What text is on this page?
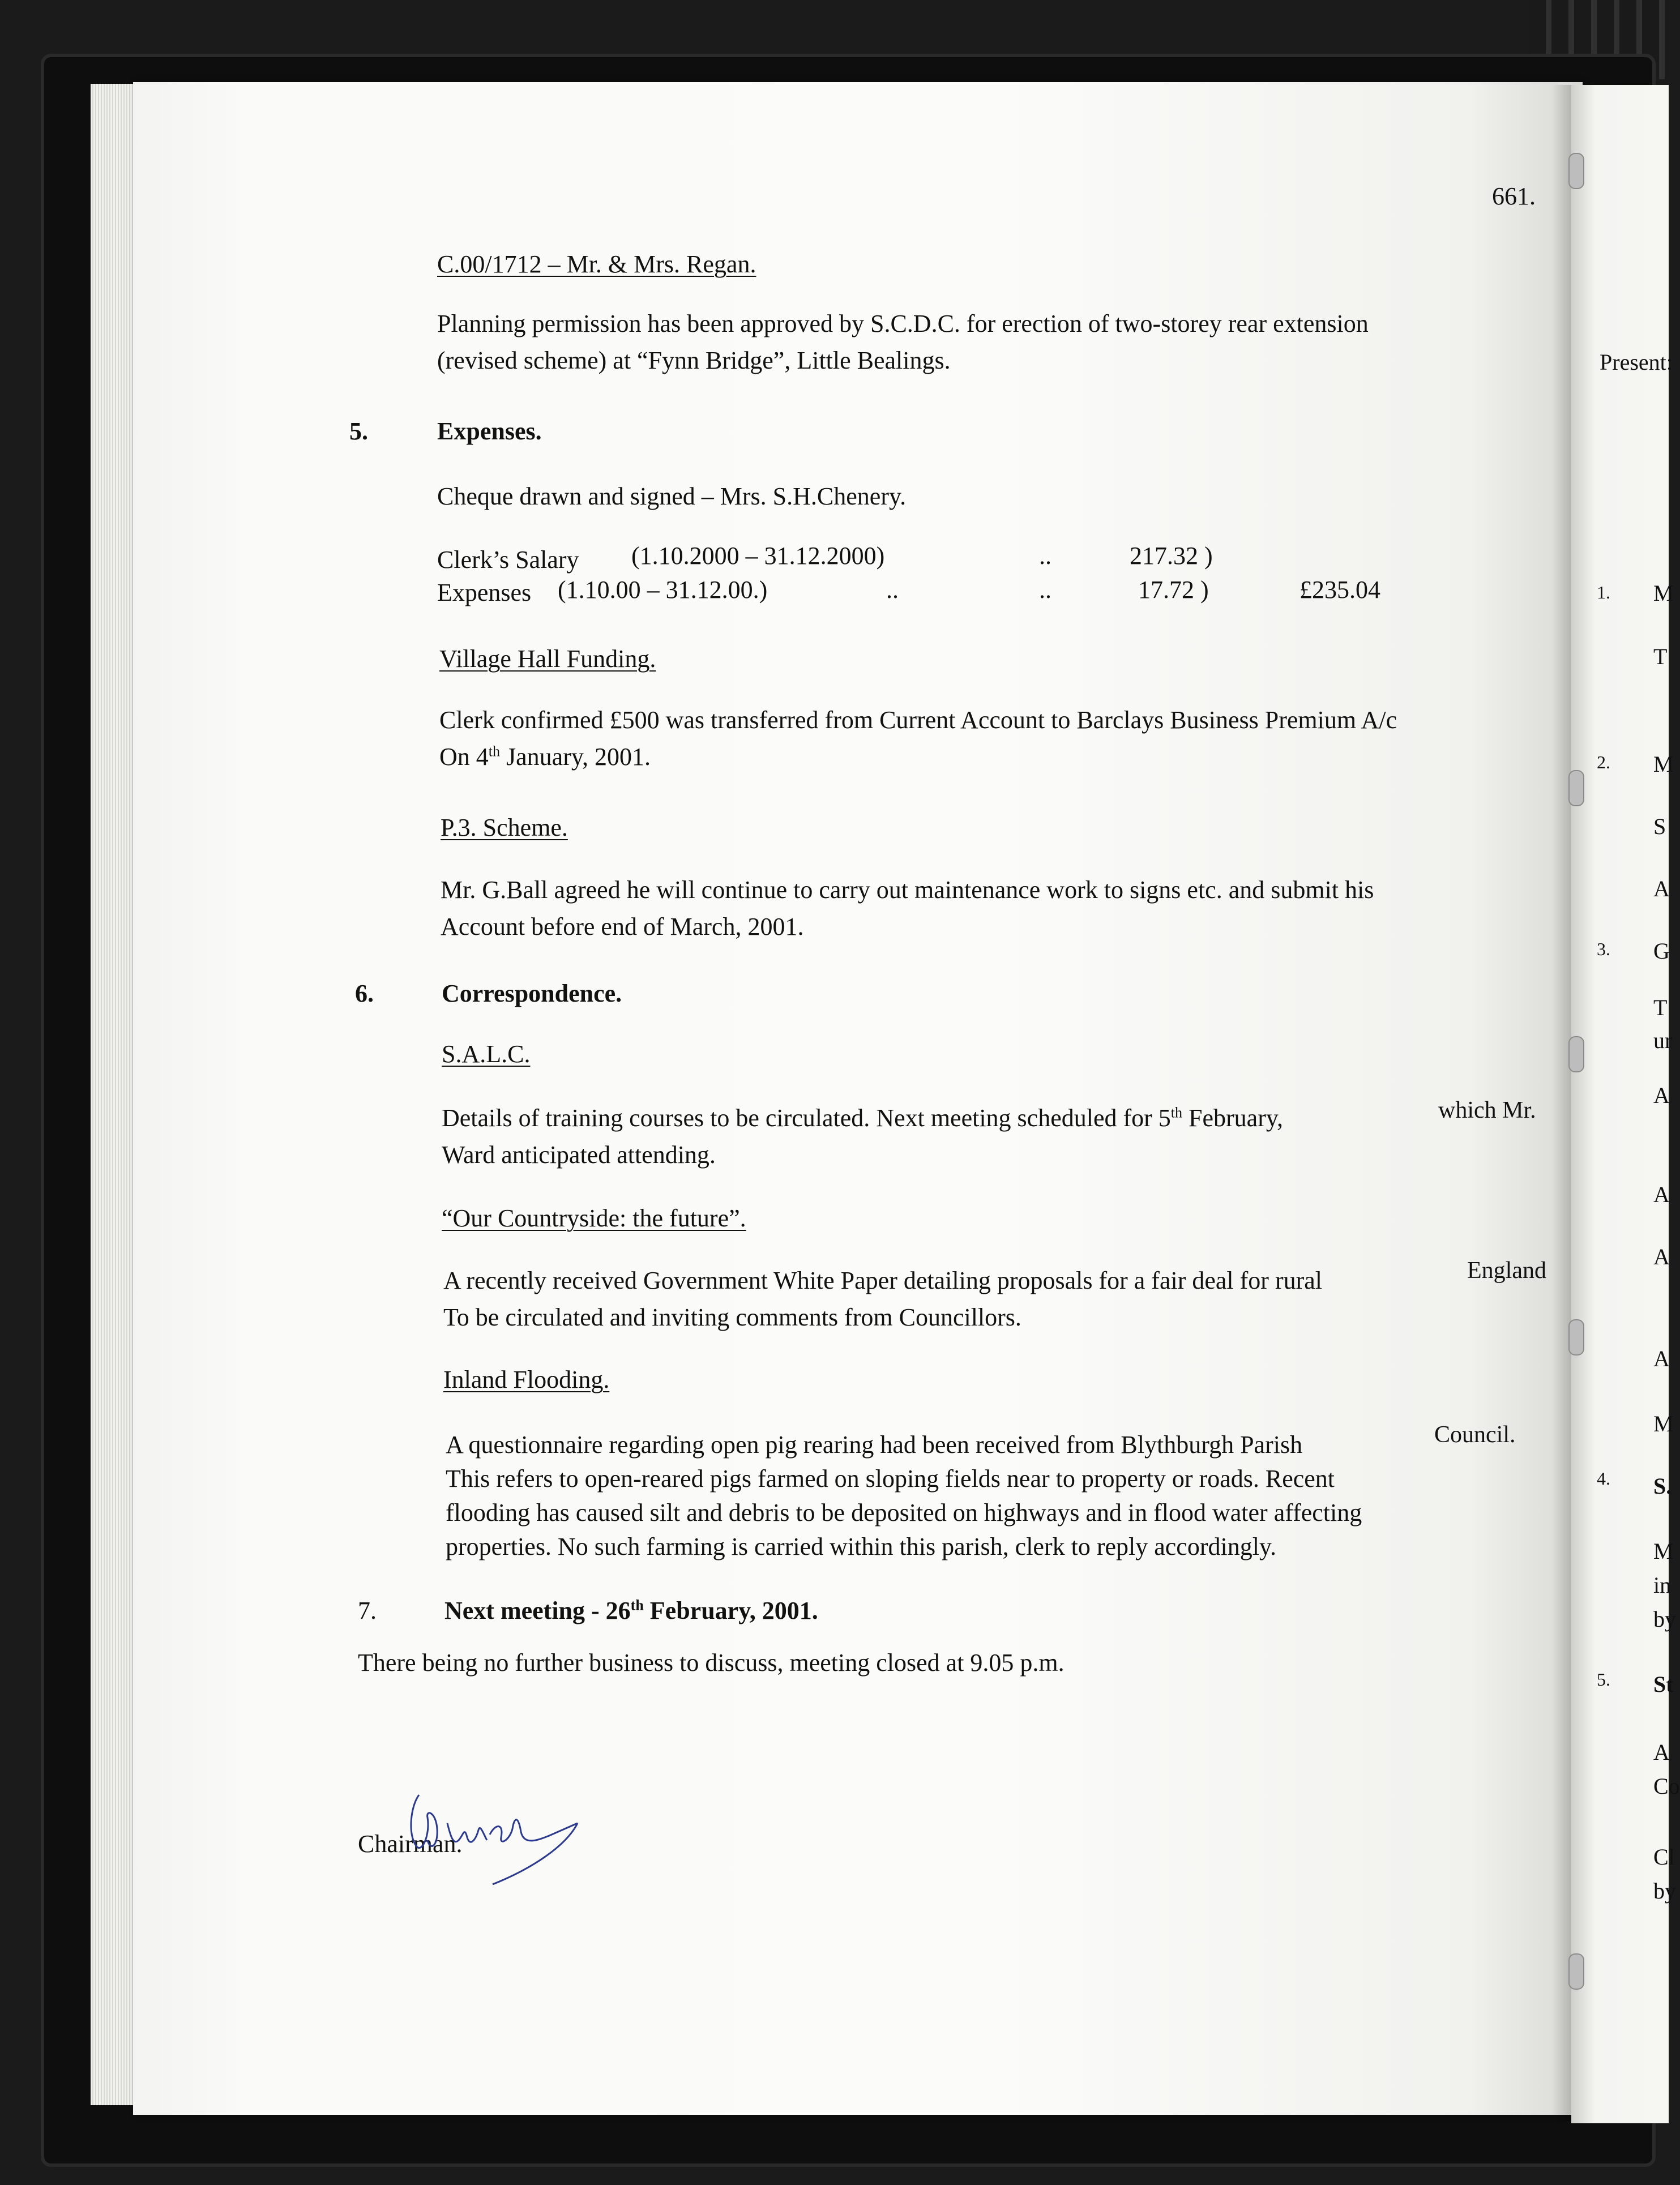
661.
C.00/1712 – Mr. & Mrs. Regan.
Planning permission has been approved by S.C.D.C. for erection of two-storey rear extension
(revised scheme) at “Fynn Bridge”, Little Bealings.
5.	Expenses.
Cheque drawn and signed – Mrs. S.H.Chenery.
Clerk’s Salary (1.10.2000 – 31.12.2000)	..	217.32 )
Expenses (1.10.00 – 31.12.00.)	..	..	17.72 )	£235.04
Village Hall Funding.
Clerk confirmed £500 was transferred from Current Account to Barclays Business Premium A/c
On 4th January, 2001.
P.3. Scheme.
Mr. G.Ball agreed he will continue to carry out maintenance work to signs etc. and submit his
Account before end of March, 2001.
6.	Correspondence.
S.A.L.C.
Details of training courses to be circulated. Next meeting scheduled for 5th February,	which Mr.
Ward anticipated attending.
“Our Countryside: the future”.
A recently received Government White Paper detailing proposals for a fair deal for rural	England
To be circulated and inviting comments from Councillors.
Inland Flooding.
A questionnaire regarding open pig rearing had been received from Blythburgh Parish	Council.
This refers to open-reared pigs farmed on sloping fields near to property or roads. Recent
flooding has caused silt and debris to be deposited on highways and in flood water affecting
properties. No such farming is carried within this parish, clerk to reply accordingly.
7.	Next meeting - 26th February, 2001.
There being no further business to discuss, meeting closed at 9.05 p.m.
Chairman.
Present:
1. M
T
2. M
S
A
3. G
T
ur
A
A
A
A
M
4. S.
M
in
by
5. St
A
Co
Cl
by
